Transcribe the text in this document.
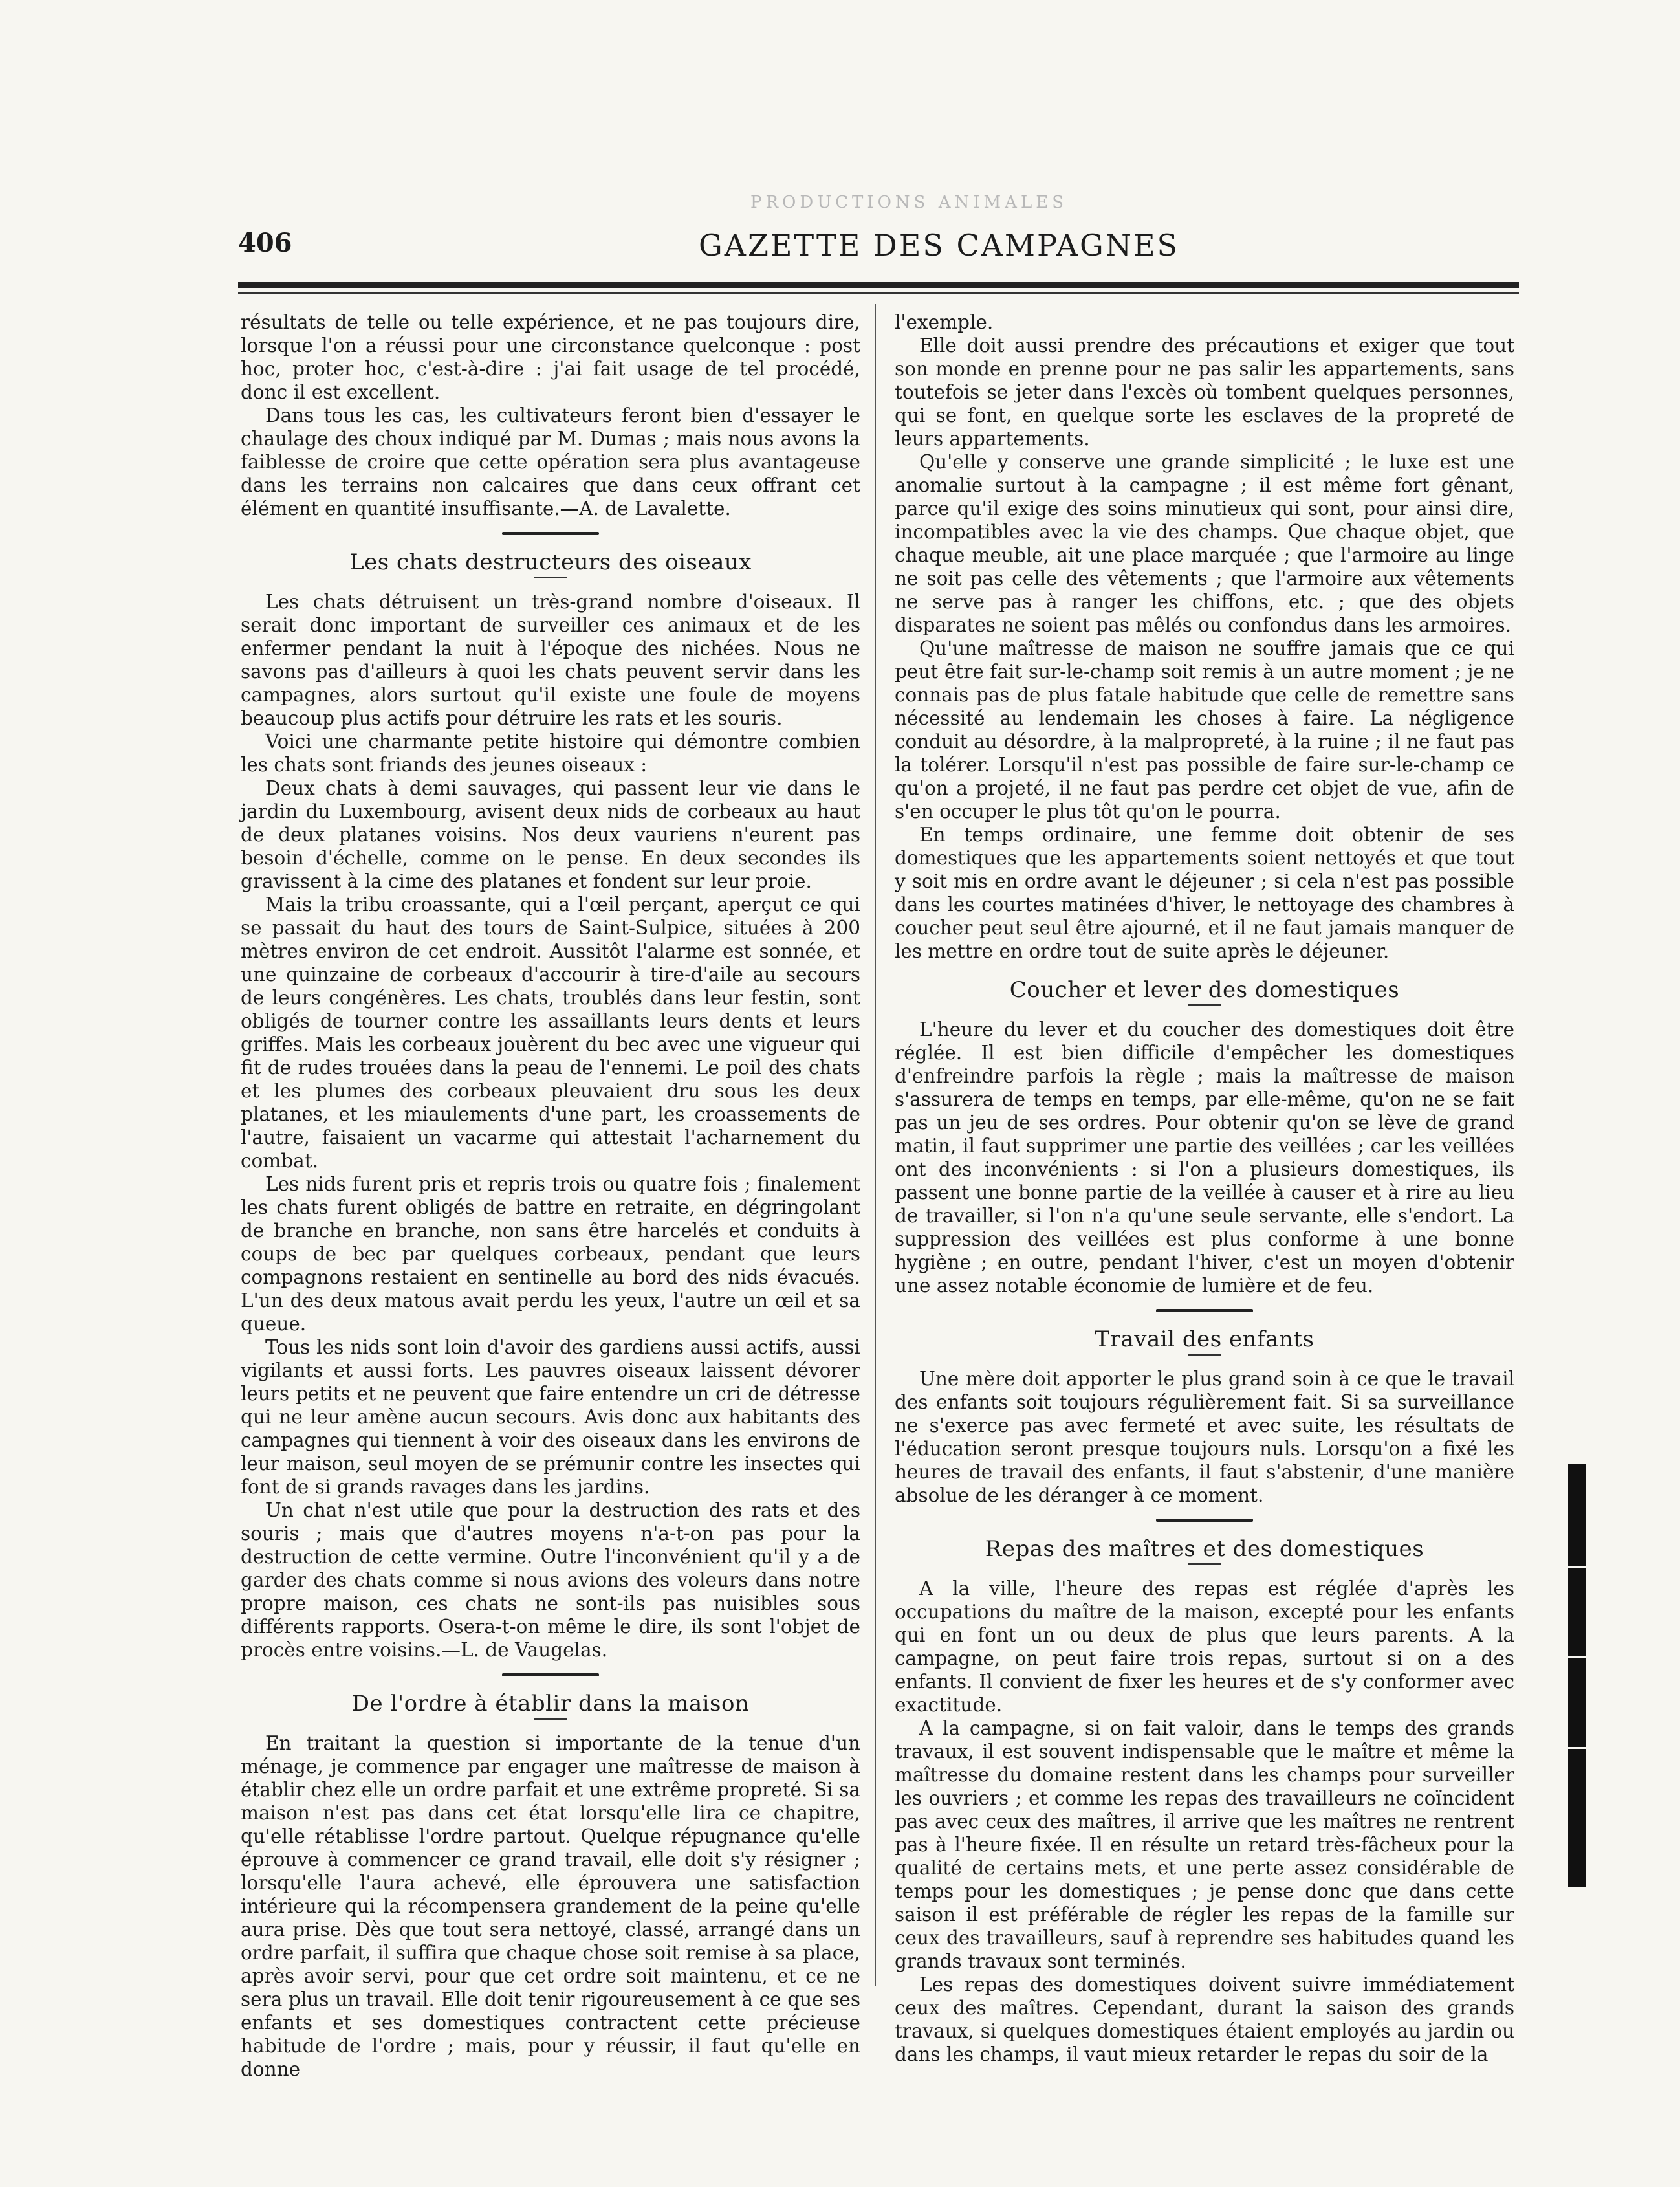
PRODUCTIONS ANIMALES
406	GAZETTE DES CAMPAGNES

résultats de telle ou telle expérience, et ne pas toujours dire, lorsque l'on a réussi pour une circonstance quelconque : post hoc, proter hoc, c'est-à-dire : j'ai fait usage de tel procédé, donc il est excellent.

Dans tous les cas, les cultivateurs feront bien d'essayer le chaulage des choux indiqué par M. Dumas ; mais nous avons la faiblesse de croire que cette opération sera plus avantageuse dans les terrains non calcaires que dans ceux offrant cet élément en quantité insuffisante.—A. de Lavalette.

Les chats destructeurs des oiseaux

Les chats détruisent un très-grand nombre d'oiseaux. Il serait donc important de surveiller ces animaux et de les enfermer pendant la nuit à l'époque des nichées. Nous ne savons pas d'ailleurs à quoi les chats peuvent servir dans les campagnes, alors surtout qu'il existe une foule de moyens beaucoup plus actifs pour détruire les rats et les souris.

Voici une charmante petite histoire qui démontre combien les chats sont friands des jeunes oiseaux :

Deux chats à demi sauvages, qui passent leur vie dans le jardin du Luxembourg, avisent deux nids de corbeaux au haut de deux platanes voisins. Nos deux vauriens n'eurent pas besoin d'échelle, comme on le pense. En deux secondes ils gravissent à la cime des platanes et fondent sur leur proie.

Mais la tribu croassante, qui a l'œil perçant, aperçut ce qui se passait du haut des tours de Saint-Sulpice, situées à 200 mètres environ de cet endroit. Aussitôt l'alarme est sonnée, et une quinzaine de corbeaux d'accourir à tire-d'aile au secours de leurs congénères. Les chats, troublés dans leur festin, sont obligés de tourner contre les assaillants leurs dents et leurs griffes. Mais les corbeaux jouèrent du bec avec une vigueur qui fit de rudes trouées dans la peau de l'ennemi. Le poil des chats et les plumes des corbeaux pleuvaient dru sous les deux platanes, et les miaulements d'une part, les croassements de l'autre, faisaient un vacarme qui attestait l'acharnement du combat.

Les nids furent pris et repris trois ou quatre fois ; finalement les chats furent obligés de battre en retraite, en dégringolant de branche en branche, non sans être harcelés et conduits à coups de bec par quelques corbeaux, pendant que leurs compagnons restaient en sentinelle au bord des nids évacués. L'un des deux matous avait perdu les yeux, l'autre un œil et sa queue.

Tous les nids sont loin d'avoir des gardiens aussi actifs, aussi vigilants et aussi forts. Les pauvres oiseaux laissent dévorer leurs petits et ne peuvent que faire entendre un cri de détresse qui ne leur amène aucun secours. Avis donc aux habitants des campagnes qui tiennent à voir des oiseaux dans les environs de leur maison, seul moyen de se prémunir contre les insectes qui font de si grands ravages dans les jardins.

Un chat n'est utile que pour la destruction des rats et des souris ; mais que d'autres moyens n'a-t-on pas pour la destruction de cette vermine. Outre l'inconvénient qu'il y a de garder des chats comme si nous avions des voleurs dans notre propre maison, ces chats ne sont-ils pas nuisibles sous différents rapports. Osera-t-on même le dire, ils sont l'objet de procès entre voisins.—L. de Vaugelas.

De l'ordre à établir dans la maison

En traitant la question si importante de la tenue d'un ménage, je commence par engager une maîtresse de maison à établir chez elle un ordre parfait et une extrême propreté. Si sa maison n'est pas dans cet état lorsqu'elle lira ce chapitre, qu'elle rétablisse l'ordre partout. Quelque répugnance qu'elle éprouve à commencer ce grand travail, elle doit s'y résigner ; lorsqu'elle l'aura achevé, elle éprouvera une satisfaction intérieure qui la récompensera grandement de la peine qu'elle aura prise. Dès que tout sera nettoyé, classé, arrangé dans un ordre parfait, il suffira que chaque chose soit remise à sa place, après avoir servi, pour que cet ordre soit maintenu, et ce ne sera plus un travail. Elle doit tenir rigoureusement à ce que ses enfants et ses domestiques contractent cette précieuse habitude de l'ordre ; mais, pour y réussir, il faut qu'elle en donne

l'exemple.

Elle doit aussi prendre des précautions et exiger que tout son monde en prenne pour ne pas salir les appartements, sans toutefois se jeter dans l'excès où tombent quelques personnes, qui se font, en quelque sorte les esclaves de la propreté de leurs appartements.

Qu'elle y conserve une grande simplicité ; le luxe est une anomalie surtout à la campagne ; il est même fort gênant, parce qu'il exige des soins minutieux qui sont, pour ainsi dire, incompatibles avec la vie des champs. Que chaque objet, que chaque meuble, ait une place marquée ; que l'armoire au linge ne soit pas celle des vêtements ; que l'armoire aux vêtements ne serve pas à ranger les chiffons, etc. ; que des objets disparates ne soient pas mêlés ou confondus dans les armoires.

Qu'une maîtresse de maison ne souffre jamais que ce qui peut être fait sur-le-champ soit remis à un autre moment ; je ne connais pas de plus fatale habitude que celle de remettre sans nécessité au lendemain les choses à faire. La négligence conduit au désordre, à la malpropreté, à la ruine ; il ne faut pas la tolérer. Lorsqu'il n'est pas possible de faire sur-le-champ ce qu'on a projeté, il ne faut pas perdre cet objet de vue, afin de s'en occuper le plus tôt qu'on le pourra.

En temps ordinaire, une femme doit obtenir de ses domestiques que les appartements soient nettoyés et que tout y soit mis en ordre avant le déjeuner ; si cela n'est pas possible dans les courtes matinées d'hiver, le nettoyage des chambres à coucher peut seul être ajourné, et il ne faut jamais manquer de les mettre en ordre tout de suite après le déjeuner.

Coucher et lever des domestiques

L'heure du lever et du coucher des domestiques doit être réglée. Il est bien difficile d'empêcher les domestiques d'enfreindre parfois la règle ; mais la maîtresse de maison s'assurera de temps en temps, par elle-même, qu'on ne se fait pas un jeu de ses ordres. Pour obtenir qu'on se lève de grand matin, il faut supprimer une partie des veillées ; car les veillées ont des inconvénients : si l'on a plusieurs domestiques, ils passent une bonne partie de la veillée à causer et à rire au lieu de travailler, si l'on n'a qu'une seule servante, elle s'endort. La suppression des veillées est plus conforme à une bonne hygiène ; en outre, pendant l'hiver, c'est un moyen d'obtenir une assez notable économie de lumière et de feu.

Travail des enfants

Une mère doit apporter le plus grand soin à ce que le travail des enfants soit toujours régulièrement fait. Si sa surveillance ne s'exerce pas avec fermeté et avec suite, les résultats de l'éducation seront presque toujours nuls. Lorsqu'on a fixé les heures de travail des enfants, il faut s'abstenir, d'une manière absolue de les déranger à ce moment.

Repas des maîtres et des domestiques

A la ville, l'heure des repas est réglée d'après les occupations du maître de la maison, excepté pour les enfants qui en font un ou deux de plus que leurs parents. A la campagne, on peut faire trois repas, surtout si on a des enfants. Il convient de fixer les heures et de s'y conformer avec exactitude.

A la campagne, si on fait valoir, dans le temps des grands travaux, il est souvent indispensable que le maître et même la maîtresse du domaine restent dans les champs pour surveiller les ouvriers ; et comme les repas des travailleurs ne coïncident pas avec ceux des maîtres, il arrive que les maîtres ne rentrent pas à l'heure fixée. Il en résulte un retard très-fâcheux pour la qualité de certains mets, et une perte assez considérable de temps pour les domestiques ; je pense donc que dans cette saison il est préférable de régler les repas de la famille sur ceux des travailleurs, sauf à reprendre ses habitudes quand les grands travaux sont terminés.

Les repas des domestiques doivent suivre immédiatement ceux des maîtres. Cependant, durant la saison des grands travaux, si quelques domestiques étaient employés au jardin ou dans les champs, il vaut mieux retarder le repas du soir de la
